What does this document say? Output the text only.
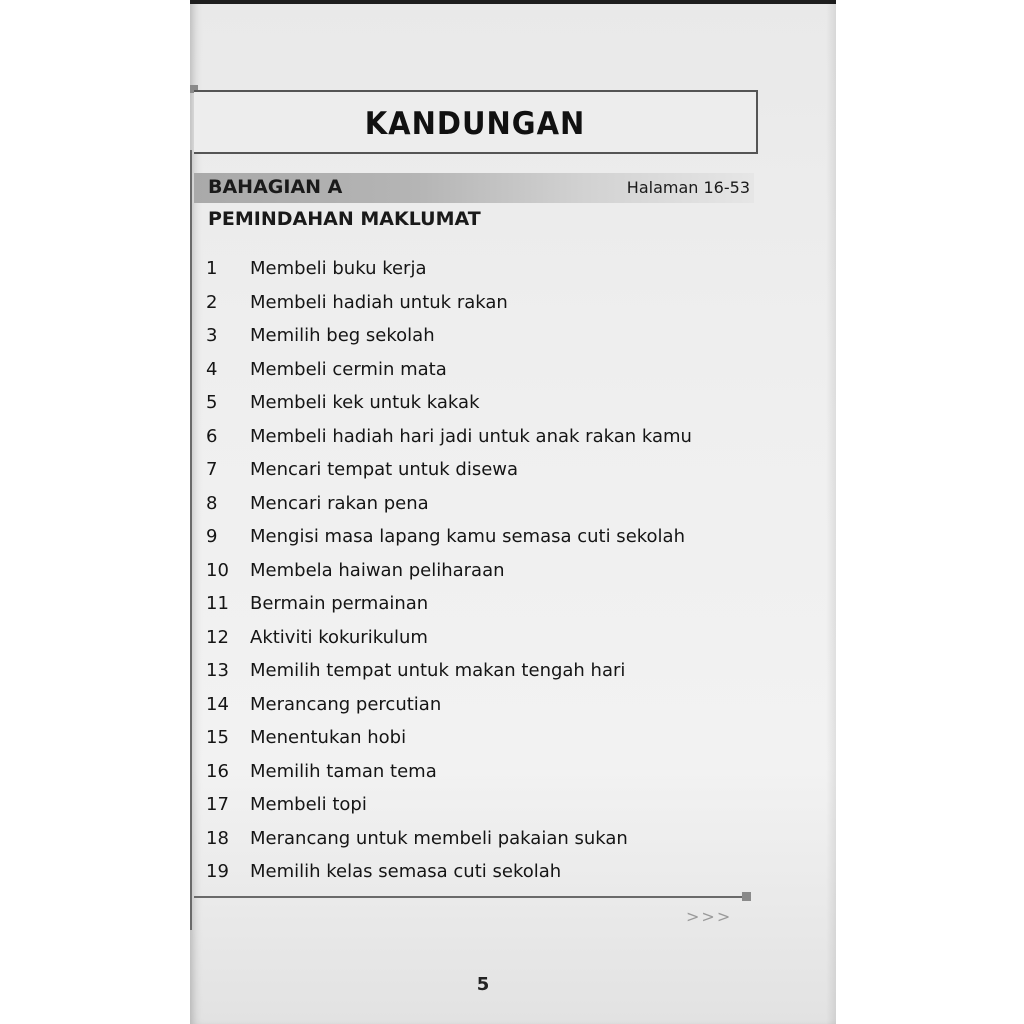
KANDUNGAN
BAHAGIAN A	Halaman 16-53
PEMINDAHAN MAKLUMAT
1	Membeli buku kerja
2	Membeli hadiah untuk rakan
3	Memilih beg sekolah
4	Membeli cermin mata
5	Membeli kek untuk kakak
6	Membeli hadiah hari jadi untuk anak rakan kamu
7	Mencari tempat untuk disewa
8	Mencari rakan pena
9	Mengisi masa lapang kamu semasa cuti sekolah
10	Membela haiwan peliharaan
11	Bermain permainan
12	Aktiviti kokurikulum
13	Memilih tempat untuk makan tengah hari
14	Merancang percutian
15	Menentukan hobi
16	Memilih taman tema
17	Membeli topi
18	Merancang untuk membeli pakaian sukan
19	Memilih kelas semasa cuti sekolah
>>>
5
